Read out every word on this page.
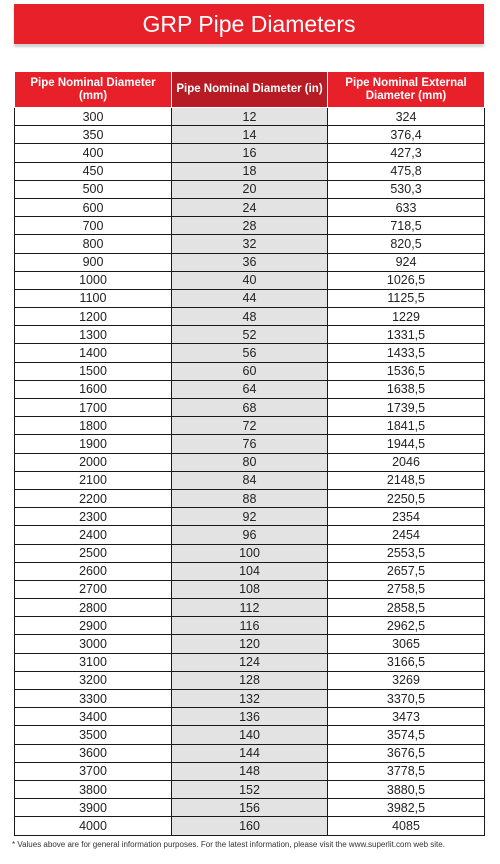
GRP Pipe Diameters
Pipe Nominal Diameter (mm)	Pipe Nominal Diameter (in)	Pipe Nominal External Diameter (mm)
300	12	324
350	14	376,4
400	16	427,3
450	18	475,8
500	20	530,3
600	24	633
700	28	718,5
800	32	820,5
900	36	924
1000	40	1026,5
1100	44	1125,5
1200	48	1229
1300	52	1331,5
1400	56	1433,5
1500	60	1536,5
1600	64	1638,5
1700	68	1739,5
1800	72	1841,5
1900	76	1944,5
2000	80	2046
2100	84	2148,5
2200	88	2250,5
2300	92	2354
2400	96	2454
2500	100	2553,5
2600	104	2657,5
2700	108	2758,5
2800	112	2858,5
2900	116	2962,5
3000	120	3065
3100	124	3166,5
3200	128	3269
3300	132	3370,5
3400	136	3473
3500	140	3574,5
3600	144	3676,5
3700	148	3778,5
3800	152	3880,5
3900	156	3982,5
4000	160	4085
* Values above are for general information purposes. For the latest information, please visit the www.superlit.com web site.
